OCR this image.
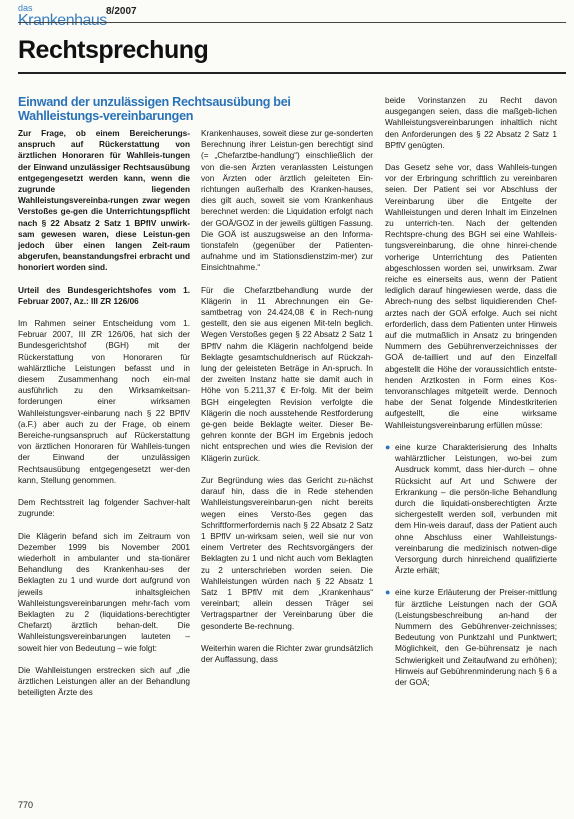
das
Krankenhaus
8/2007
Rechtsprechung
Einwand der unzulässigen Rechtsausübung bei Wahlleistungs-vereinbarungen

Zur Frage, ob einem Bereicherungs-anspruch auf Rückerstattung von ärztlichen Honoraren für Wahlleis-tungen der Einwand unzulässiger Rechtsausübung entgegengesetzt werden kann, wenn die zugrunde liegenden Wahlleistungsvereinba-rungen zwar wegen Verstoßes ge-gen die Unterrichtungspflicht nach § 22 Absatz 2 Satz 1 BPflV unwirk-sam gewesen waren, diese Leistun-gen jedoch über einen langen Zeit-raum abgerufen, beanstandungsfrei erbracht und honoriert worden sind.

Urteil des Bundesgerichtshofes vom 1. Februar 2007, Az.: III ZR 126/06

Im Rahmen seiner Entscheidung vom 1. Februar 2007, III ZR 126/06, hat sich der Bundesgerichtshof (BGH) mit der Rückerstattung von Honoraren für wahlärztliche Leistungen befasst und in diesem Zusammenhang noch ein-mal ausführlich zu den Wirksamkeitsan-forderungen einer wirksamen Wahlleistungsver-einbarung nach § 22 BPflV (a.F.) aber auch zu der Frage, ob einem Bereiche-rungsanspruch auf Rückerstattung von ärztlichen Honoraren für Wahlleis-tungen der Einwand der unzulässigen Rechtsausübung entgegengesetzt wer-den kann, Stellung genommen.

Dem Rechtsstreit lag folgender Sachver-halt zugrunde:

Die Klägerin befand sich im Zeitraum von Dezember 1999 bis November 2001 wiederholt in ambulanter und sta-tionärer Behandlung des Krankenhau-ses der Beklagten zu 1 und wurde dort aufgrund von jeweils inhaltsgleichen Wahlleistungsvereinbarungen mehr-fach vom Beklagten zu 2 (liquidations-berechtigter Chefarzt) ärztlich behan-delt. Die Wahlleistungsvereinbarungen lauteten – soweit hier von Bedeutung – wie folgt:

Die Wahlleistungen erstrecken sich auf „die ärztlichen Leistungen aller an der Behandlung beteiligten Ärzte des

Krankenhauses, soweit diese zur ge-sonderten Berechnung ihrer Leistun-gen berechtigt sind (= „Chefarztbe-handlung“) einschließlich der von die-sen Ärzten veranlassten Leistungen von Ärzten oder ärztlich geleiteten Ein-richtungen außerhalb des Kranken-hauses, dies gilt auch, soweit sie vom Krankenhaus berechnet werden: die Liquidation erfolgt nach der GOÄ/GOZ in der jeweils gültigen Fassung. Die GOÄ ist auszugsweise an den Informa-tionstafeln (gegenüber der Patienten-aufnahme und im Stationsdienstzim-mer) zur Einsichtnahme.“

Für die Chefarztbehandlung wurde der Klägerin in 11 Abrechnungen ein Ge-samtbetrag von 24.424,08 € in Rech-nung gestellt, den sie aus eigenen Mit-teln beglich. Wegen Verstoßes gegen § 22 Absatz 2 Satz 1 BPflV nahm die Klägerin nachfolgend beide Beklagte gesamtschuldnerisch auf Rückzah-lung der geleisteten Beträge in An-spruch. In der zweiten Instanz hatte sie damit auch in Höhe von 5.211,37 € Er-folg. Mit der beim BGH eingelegten Revision verfolgte die Klägerin die noch ausstehende Restforderung ge-gen beide Beklagte weiter. Dieser Be-gehren konnte der BGH im Ergebnis jedoch nicht entsprechen und wies die Revision der Klägerin zurück.

Zur Begründung wies das Gericht zu-nächst darauf hin, dass die in Rede stehenden Wahlleistungsvereinbarun-gen nicht bereits wegen eines Versto-ßes gegen das Schriftformerfordernis nach § 22 Absatz 2 Satz 1 BPflV un-wirksam seien, weil sie nur von einem Vertreter des Rechtsvorgängers der Beklagten zu 1 und nicht auch vom Beklagten zu 2 unterschrieben worden seien. Die Wahlleistungen würden nach § 22 Absatz 1 Satz 1 BPflV mit dem „Krankenhaus“ vereinbart; allein dessen Träger sei Vertragspartner der Vereinbarung über die gesonderte Be-rechnung.

Weiterhin waren die Richter zwar grundsätzlich der Auffassung, dass

beide Vorinstanzen zu Recht davon ausgegangen seien, dass die maßgeb-lichen Wahlleistungsvereinbarungen inhaltlich nicht den Anforderungen des § 22 Absatz 2 Satz 1 BPflV genügten.

Das Gesetz sehe vor, dass Wahlleis-tungen vor der Erbringung schriftlich zu vereinbaren seien. Der Patient sei vor Abschluss der Vereinbarung über die Entgelte der Wahlleistungen und deren Inhalt im Einzelnen zu unterrich-ten. Nach der geltenden Rechtspre-chung des BGH sei eine Wahlleis-tungsvereinbarung, die ohne hinrei-chende vorherige Unterrichtung des Patienten abgeschlossen worden sei, unwirksam. Zwar reiche es einerseits aus, wenn der Patient lediglich darauf hingewiesen werde, dass die Abrech-nung des selbst liquidierenden Chef-arztes nach der GOÄ erfolge. Auch sei nicht erforderlich, dass dem Patienten unter Hinweis auf die mutmaßlich in Ansatz zu bringenden Nummern des Gebührenverzeichnisses der GOÄ de-tailliert und auf den Einzelfall abgestellt die Höhe der voraussichtlich entste-henden Arztkosten in Form eines Kos-tenvoranschlages mitgeteilt werde. Dennoch habe der Senat folgende Mindestkriterien aufgestellt, die eine wirksame Wahlleistungsvereinbarung erfüllen müsse:

● eine kurze Charakterisierung des Inhalts wahlärztlicher Leistungen, wo-bei zum Ausdruck kommt, dass hier-durch – ohne Rücksicht auf Art und Schwere der Erkrankung – die persön-liche Behandlung durch die liquidati-onsberechtigten Ärzte sichergestellt werden soll, verbunden mit dem Hin-weis darauf, dass der Patient auch ohne Abschluss einer Wahlleistungs-vereinbarung die medizinisch notwen-dige Versorgung durch hinreichend qualifizierte Ärzte erhält;
● eine kurze Erläuterung der Preiser-mittlung für ärztliche Leistungen nach der GOÄ (Leistungsbeschreibung an-hand der Nummern des Gebührenver-zeichnisses; Bedeutung von Punktzahl und Punktwert; Möglichkeit, den Ge-bührensatz je nach Schwierigkeit und Zeitaufwand zu erhöhen); Hinweis auf Gebührenminderung nach § 6 a der GOÄ;
770
